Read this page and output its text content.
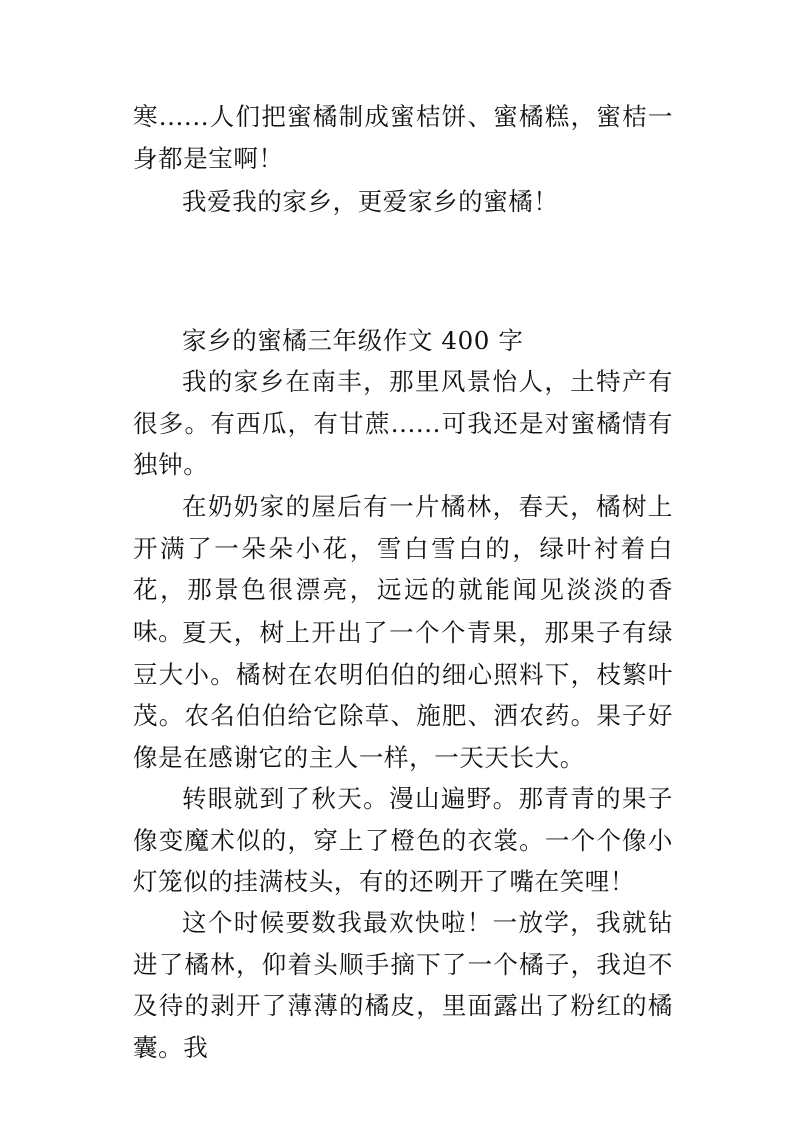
寒......人们把蜜橘制成蜜桔饼、蜜橘糕，蜜桔一身都是宝啊！

我爱我的家乡，更爱家乡的蜜橘！

家乡的蜜橘三年级作文 400 字

我的家乡在南丰，那里风景怡人，土特产有很多。有西瓜，有甘蔗......可我还是对蜜橘情有独钟。

在奶奶家的屋后有一片橘林，春天，橘树上开满了一朵朵小花，雪白雪白的，绿叶衬着白花，那景色很漂亮，远远的就能闻见淡淡的香味。

夏天，树上开出了一个个青果，那果子有绿豆大小。橘树在农明伯伯的细心照料下，枝繁叶茂。农名伯伯给它除草、施肥、洒农药。果子好像是在感谢它的主人一样，一天天长大。

转眼就到了秋天。漫山遍野。那青青的果子像变魔术似的，穿上了橙色的衣裳。一个个像小灯笼似的挂满枝头，有的还咧开了嘴在笑哩！

这个时候要数我最欢快啦！一放学，我就钻进了橘林，仰着头顺手摘下了一个橘子，我迫不及待的剥开了薄薄的橘皮，里面露出了粉红的橘囊。我
